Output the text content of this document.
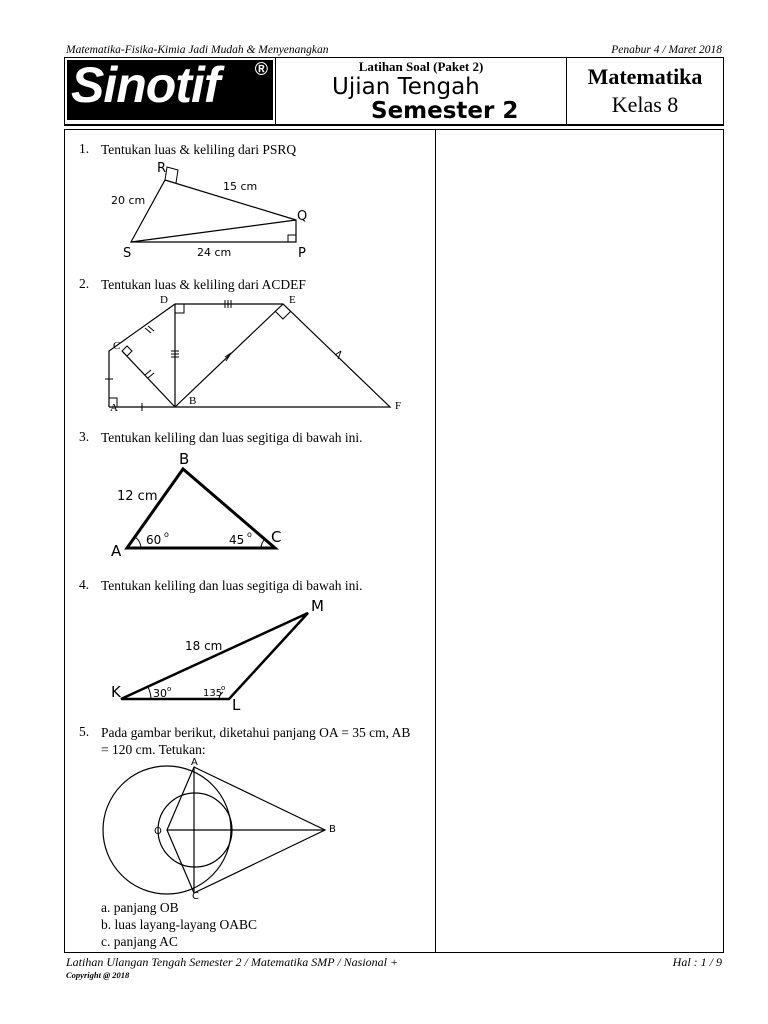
Matematika-Fisika-Kimia Jadi Mudah & Menyenangkan	Penabur 4 / Maret 2018
Sinotif ®	Latihan Soal (Paket 2)
Ujian Tengah
Semester 2
Matematika
Kelas 8
1. Tentukan luas & keliling dari PSRQ
R
Q
S	P
20 cm
15 cm
24 cm
2. Tentukan luas & keliling dari ACDEF
D	E
C
A
B	F
3. Tentukan keliling dan luas segitiga di bawah ini.
B
C
A
12 cm
60 o	45 o
4. Tentukan keliling dan luas segitiga di bawah ini.
M
K
L
18 cm
30 o	135
o
5. Pada gambar berikut, diketahui panjang OA = 35 cm, AB = 120 cm. Tetukan:
A
O	B
C
a. panjang OB
b. luas layang-layang OABC
c. panjang AC
Latihan Ulangan Tengah Semester 2 / Matematika SMP / Nasional +	Hal : 1 / 9
Copyright @ 2018
